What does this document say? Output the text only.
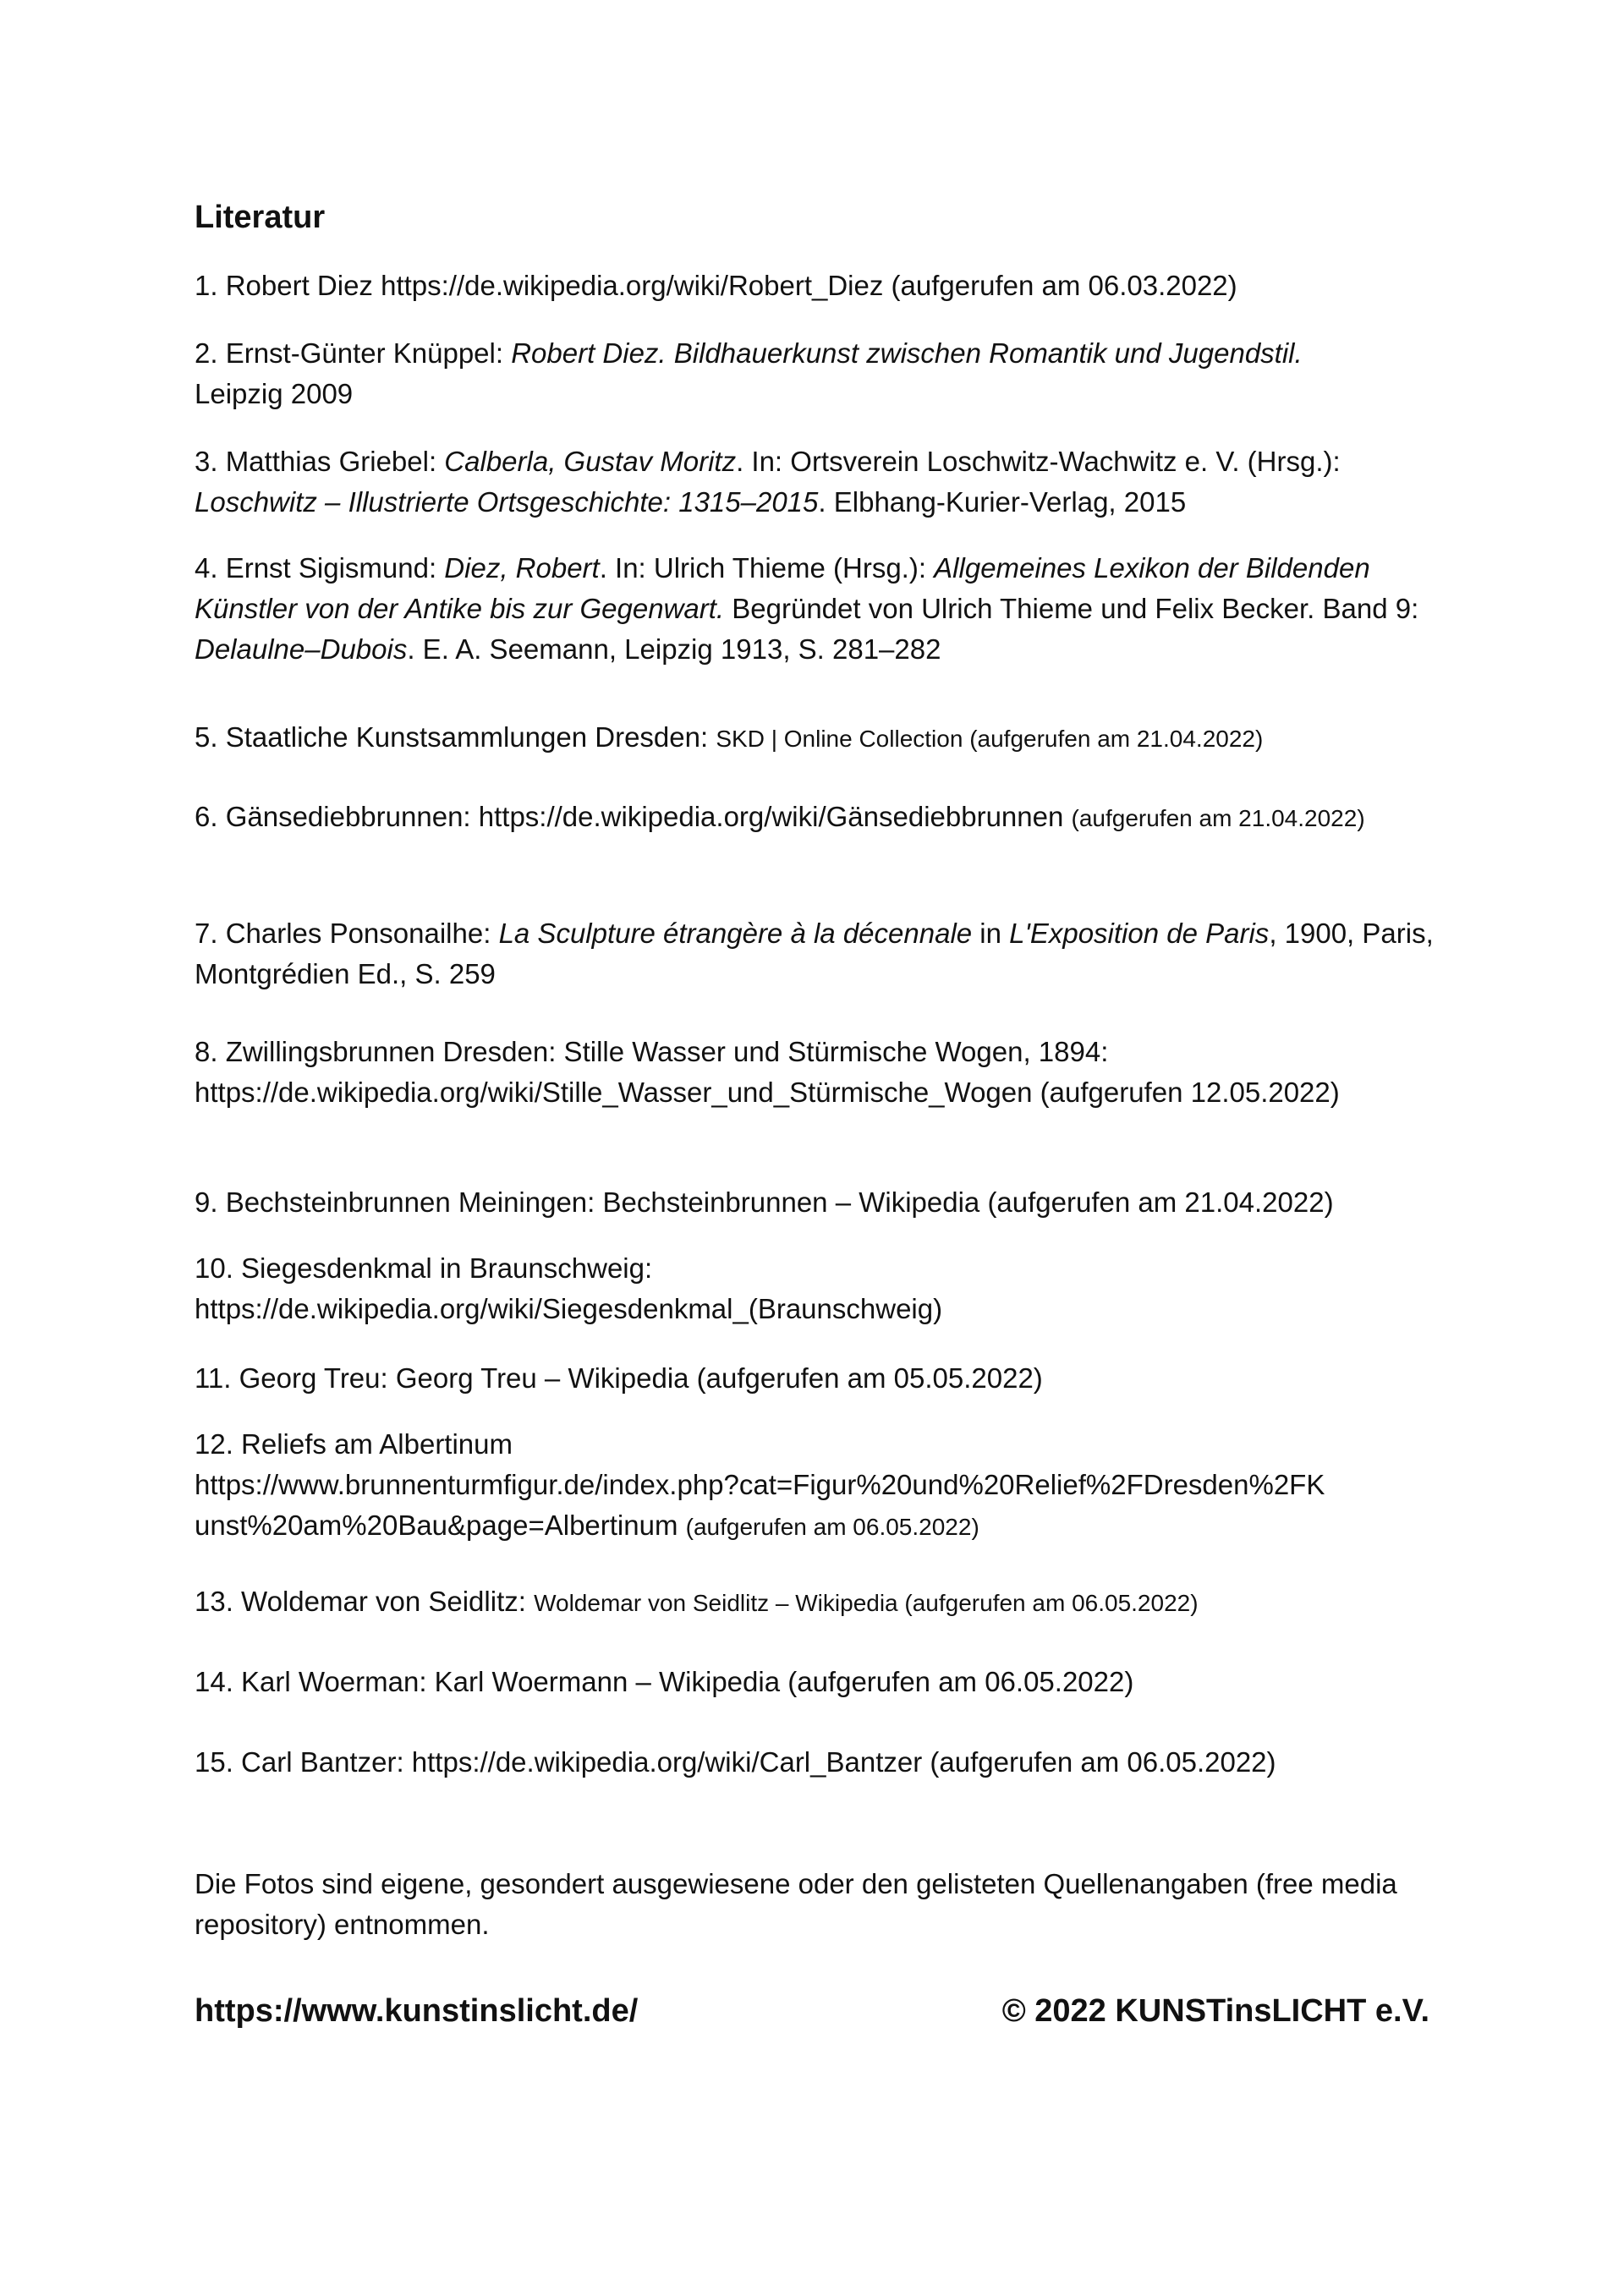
Literatur
1. Robert Diez https://de.wikipedia.org/wiki/Robert_Diez (aufgerufen am 06.03.2022)
2. Ernst-Günter Knüppel: Robert Diez. Bildhauerkunst zwischen Romantik und Jugendstil.
Leipzig 2009
3. Matthias Griebel: Calberla, Gustav Moritz. In: Ortsverein Loschwitz-Wachwitz e. V. (Hrsg.):
Loschwitz – Illustrierte Ortsgeschichte: 1315–2015. Elbhang-Kurier-Verlag, 2015
4. Ernst Sigismund: Diez, Robert. In: Ulrich Thieme (Hrsg.): Allgemeines Lexikon der Bildenden Künstler von der Antike bis zur Gegenwart. Begründet von Ulrich Thieme und Felix Becker. Band 9: Delaulne–Dubois. E. A. Seemann, Leipzig 1913, S. 281–282
5. Staatliche Kunstsammlungen Dresden: SKD | Online Collection (aufgerufen am 21.04.2022)
6. Gänsediebbrunnen: https://de.wikipedia.org/wiki/Gänsediebbrunnen (aufgerufen am 21.04.2022)
7. Charles Ponsonailhe: La Sculpture étrangère à la décennale in L'Exposition de Paris, 1900, Paris, Montgrédien Ed., S. 259
8. Zwillingsbrunnen Dresden: Stille Wasser und Stürmische Wogen, 1894: https://de.wikipedia.org/wiki/Stille_Wasser_und_Stürmische_Wogen (aufgerufen 12.05.2022)
9. Bechsteinbrunnen Meiningen: Bechsteinbrunnen – Wikipedia (aufgerufen am 21.04.2022)
10. Siegesdenkmal in Braunschweig:
https://de.wikipedia.org/wiki/Siegesdenkmal_(Braunschweig)
11. Georg Treu: Georg Treu – Wikipedia (aufgerufen am 05.05.2022)
12. Reliefs am Albertinum
https://www.brunnenturmfigur.de/index.php?cat=Figur%20und%20Relief%2FDresden%2FK
unst%20am%20Bau&page=Albertinum (aufgerufen am 06.05.2022)
13. Woldemar von Seidlitz: Woldemar von Seidlitz – Wikipedia (aufgerufen am 06.05.2022)
14. Karl Woerman: Karl Woermann – Wikipedia (aufgerufen am 06.05.2022)
15. Carl Bantzer: https://de.wikipedia.org/wiki/Carl_Bantzer (aufgerufen am 06.05.2022)
Die Fotos sind eigene, gesondert ausgewiesene oder den gelisteten Quellenangaben (free media repository) entnommen.
https://www.kunstinslicht.de/	© 2022 KUNSTinsLICHT e.V.
